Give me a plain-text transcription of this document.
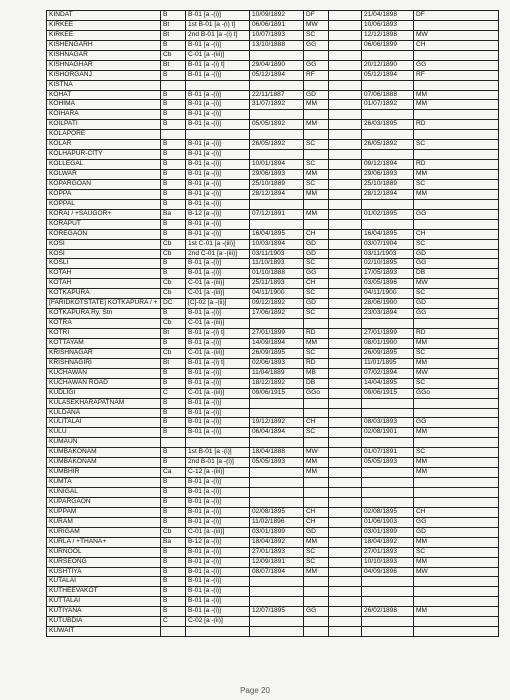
KINDAT	B	B-01 [a -(i)]	10/09/1892	DF		21/04/1898	DF
KIRKEE	Bt	1st B-01 [a -(i) t]	06/06/1891	MW		10/06/1893	
KIRKEE	Bt	2nd B-01 [a -(i) t]	10/07/1893	SC		12/12/1898	MW
KISHENGARH	B	B-01 [a -(i)]	13/10/1888	GG		06/06/1899	CH
KISHNAGAR	Cb	C-01 [a -(iii)]					
KISHNAGHAR	Bt	B-01 [a -(i) t]	29/04/1890	GG		20/12/1890	GG
KISHORGANJ	B	B-01 [a -(i)]	05/12/1894	RF		05/12/1894	RF
KISTNA							
KOHAT	B	B-01 [a -(i)]	22/11/1887	GD		07/06/1888	MM
KOHIMA	B	B-01 [a -(i)]	31/07/1892	MM		01/07/1892	MM
KOIHARA	B	B-01 [a -(i)]					
KOILPATI	B	B-01 [a -(i)]	05/05/1892	MM		26/03/1895	RD
KOLAPORE							
KOLAR	B	B-01 [a -(i)]	26/05/1892	SC		26/05/1892	SC
KOLHAPUR-CITY	B	B-01 [a -(i)]					
KOLLEGAL	B	B-01 [a -(i)]	10/01/1894	SC		09/12/1894	RD
KOLWAR	B	B-01 [a -(i)]	29/06/1893	MM		29/06/1893	MM
KOPARGOAN	B	B-01 [a -(i)]	25/10/1889	SC		25/10/1889	SC
KOPPA	B	B-01 [a -(i)]	28/12/1894	MM		28/12/1894	MM
KOPPAL	B	B-01 [a -(i)]					
KORAI / +SAUGOR+	Ba	B-12 [a -(i)]	07/12/1891	MM		01/02/1895	GG
KORAPUT	B	B-01 [a -(i)]					
KOREGAON	B	B-01 [a -(i)]	16/04/1895	CH		16/04/1895	CH
KOSI	Cb	1st C-01 [a -(iii)]	10/03/1894	GD		03/07/1904	SC
KOSI	Cb	2nd C-01 [a -(iii)]	03/11/1903	GD		03/11/1903	GD
KOSLI	B	B-01 [a -(i)]	11/10/1893	SC		02/10/1895	GG
KOTAH	B	B-01 [a -(i)]	01/10/1888	GG		17/05/1893	DB
KOTAH	Cb	C-01 [a -(iii)]	25/11/1893	CH		03/05/1896	MW
KOTKAPURA	Cb	C-01 [a -(iii)]	04/11/1900	SC		04/11/1900	SC
[FARIDKOTSTATE] KOTKAPURA / +	DC	[C]-02 [a -(ii)]	09/12/1892	GD		28/06/1900	GD
KOTKAPURA Ry. Stn	B	B-01 [a -(i)]	17/06/1892	SC		23/03/1894	GG
KOTRA	Cb	C-01 [a -(iii)]					
KOTRI	Bt	B-01 [a -(i) t]	27/01/1899	RD		27/01/1899	RD
KOTTAYAM	B	B-01 [a -(i)]	14/09/1894	MM		08/01/1900	MM
KRISHNAGAR	Cb	C-01 [a -(iii)]	26/09/1895	SC		26/09/1895	SC
KRISHNAGIRI	Bt	B-01 [a -(i) t]	02/06/1893	RD		11/01/1895	MM
KUCHAWAN	B	B-01 [a -(i)]	11/04/1889	MB		07/02/1894	MW
KUCHAWAN ROAD	B	B-01 [a -(i)]	18/12/1892	DB		14/04/1895	SC
KUDLIGI	C	C-01 [a -(iii)]	09/06/1915	GGo		09/06/1915	GGo
KULASEKHARAPATNAM	B	B-01 [a -(i)]					
KULDANA	B	B-01 [a -(i)]					
KULITALAI	B	B-01 [a -(i)]	19/12/1892	CH		08/03/1893	GG
KULU	B	B-01 [a -(i)]	06/04/1894	SC		02/08/1901	MM
KUMAUN							
KUMBAKONAM	B	1st B-01 [a -(i)]	18/04/1888	MW		01/07/1891	SC
KUMBAKONAM	B	2nd B-01 [a -(i)]	05/05/1893	MM		05/05/1893	MM
KUMBHIR	Ca	C-12 [a -(iii)]		MM			MM
KUMTA	B	B-01 [a -(i)]					
KUNIGAL	B	B-01 [a -(i)]					
KUPARGAON	B	B-01 [a -(i)]					
KUPPAM	B	B-01 [a -(i)]	02/08/1895	CH		02/08/1895	CH
KURAM	B	B-01 [a -(i)]	11/02/1896	CH		01/06/1903	GG
KURIGAM	Cb	C-01 [a -(iii)]	03/01/1899	GD		03/01/1899	GD
KURLA / +THANA+	Ba	B-12 [a -(i)]	18/04/1892	MM		18/04/1892	MM
KURNOOL	B	B-01 [a -(i)]	27/01/1893	SC		27/01/1893	SC
KURSEONG	B	B-01 [a -(i)]	12/09/1891	SC		10/10/1893	MM
KUSHTIYA	B	B-01 [a -(i)]	08/07/1894	MM		04/09/1896	MW
KUTALAI	B	B-01 [a -(i)]					
KUTHEEVAKOT	B	B-01 [a -(i)]					
KUTTALAI	B	B-01 [a -(i)]					
KUTIYANA	B	B-01 [a -(i)]	12/07/1895	GG		26/02/1898	MM
KUTUBDIA	C	C-02 [a -(ii)]					
KUWAIT							
Page 20
